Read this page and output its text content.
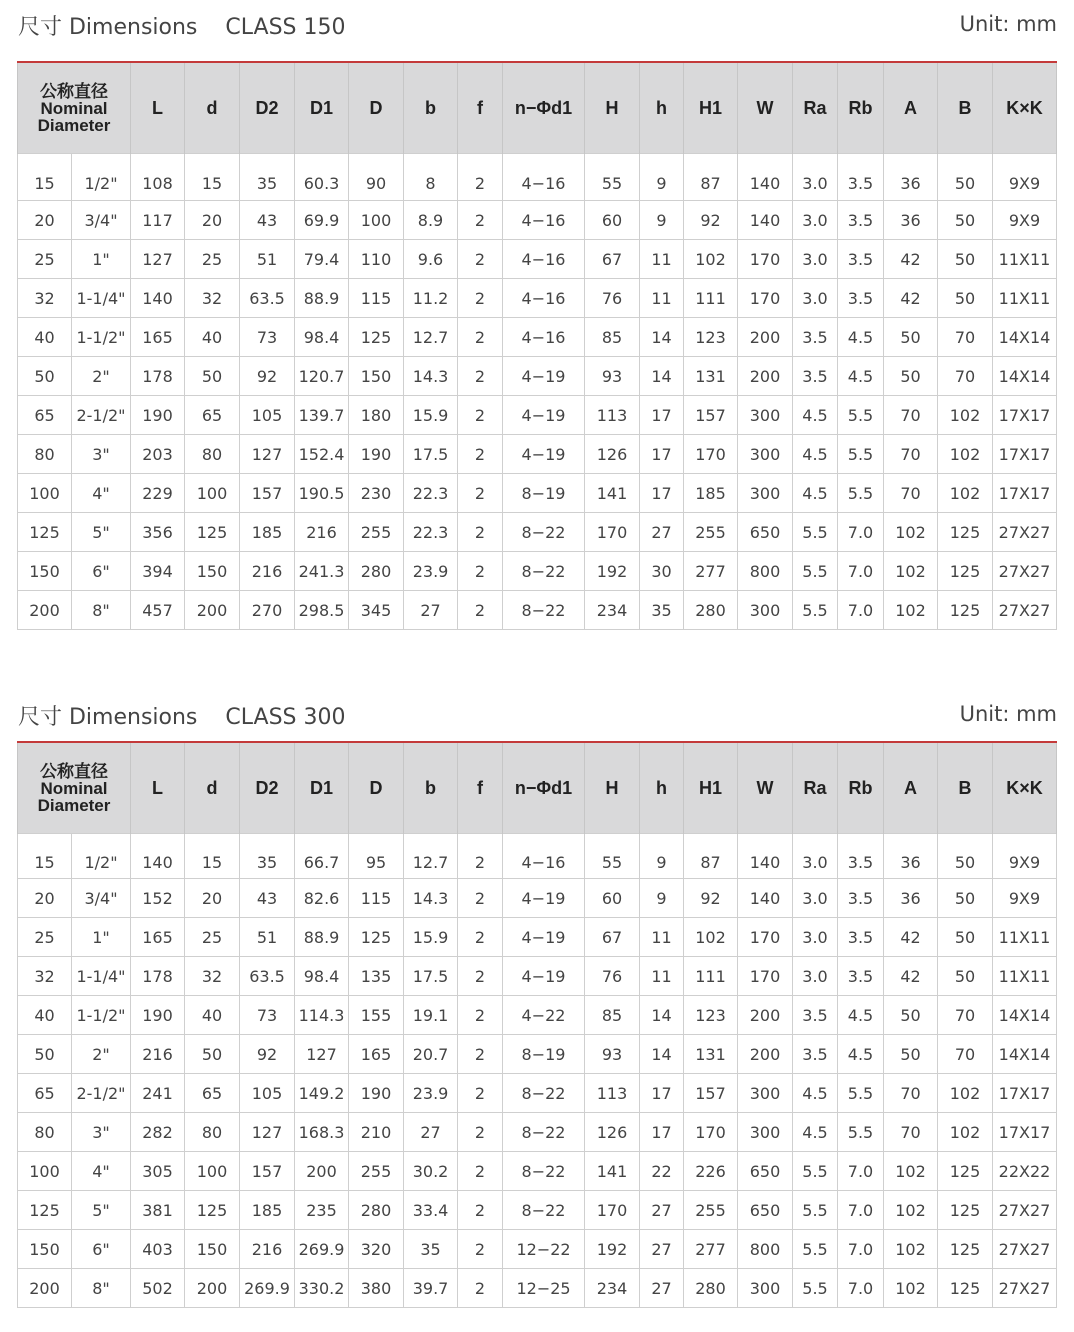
尺寸 Dimensions CLASS 150	Unit: mm
公称直径
Nominal
Diameter		L	d	D2	D1	D	b	f	n−Φd1	H	h	H1	W	Ra	Rb	A	B	K×K
15	1/2"	108	15	35	60.3	90	8	2	4−16	55	9	87	140	3.0	3.5	36	50	9X9
20	3/4"	117	20	43	69.9	100	8.9	2	4−16	60	9	92	140	3.0	3.5	36	50	9X9
25	1"	127	25	51	79.4	110	9.6	2	4−16	67	11	102	170	3.0	3.5	42	50	11X11
32	1-1/4"	140	32	63.5	88.9	115	11.2	2	4−16	76	11	111	170	3.0	3.5	42	50	11X11
40	1-1/2"	165	40	73	98.4	125	12.7	2	4−16	85	14	123	200	3.5	4.5	50	70	14X14
50	2"	178	50	92	120.7	150	14.3	2	4−19	93	14	131	200	3.5	4.5	50	70	14X14
65	2-1/2"	190	65	105	139.7	180	15.9	2	4−19	113	17	157	300	4.5	5.5	70	102	17X17
80	3"	203	80	127	152.4	190	17.5	2	4−19	126	17	170	300	4.5	5.5	70	102	17X17
100	4"	229	100	157	190.5	230	22.3	2	8−19	141	17	185	300	4.5	5.5	70	102	17X17
125	5"	356	125	185	216	255	22.3	2	8−22	170	27	255	650	5.5	7.0	102	125	27X27
150	6"	394	150	216	241.3	280	23.9	2	8−22	192	30	277	800	5.5	7.0	102	125	27X27
200	8"	457	200	270	298.5	345	27	2	8−22	234	35	280	300	5.5	7.0	102	125	27X27
尺寸 Dimensions CLASS 300	Unit: mm
公称直径
Nominal
Diameter		L	d	D2	D1	D	b	f	n−Φd1	H	h	H1	W	Ra	Rb	A	B	K×K
15	1/2"	140	15	35	66.7	95	12.7	2	4−16	55	9	87	140	3.0	3.5	36	50	9X9
20	3/4"	152	20	43	82.6	115	14.3	2	4−19	60	9	92	140	3.0	3.5	36	50	9X9
25	1"	165	25	51	88.9	125	15.9	2	4−19	67	11	102	170	3.0	3.5	42	50	11X11
32	1-1/4"	178	32	63.5	98.4	135	17.5	2	4−19	76	11	111	170	3.0	3.5	42	50	11X11
40	1-1/2"	190	40	73	114.3	155	19.1	2	4−22	85	14	123	200	3.5	4.5	50	70	14X14
50	2"	216	50	92	127	165	20.7	2	8−19	93	14	131	200	3.5	4.5	50	70	14X14
65	2-1/2"	241	65	105	149.2	190	23.9	2	8−22	113	17	157	300	4.5	5.5	70	102	17X17
80	3"	282	80	127	168.3	210	27	2	8−22	126	17	170	300	4.5	5.5	70	102	17X17
100	4"	305	100	157	200	255	30.2	2	8−22	141	22	226	650	5.5	7.0	102	125	22X22
125	5"	381	125	185	235	280	33.4	2	8−22	170	27	255	650	5.5	7.0	102	125	27X27
150	6"	403	150	216	269.9	320	35	2	12−22	192	27	277	800	5.5	7.0	102	125	27X27
200	8"	502	200	269.9	330.2	380	39.7	2	12−25	234	27	280	300	5.5	7.0	102	125	27X27
